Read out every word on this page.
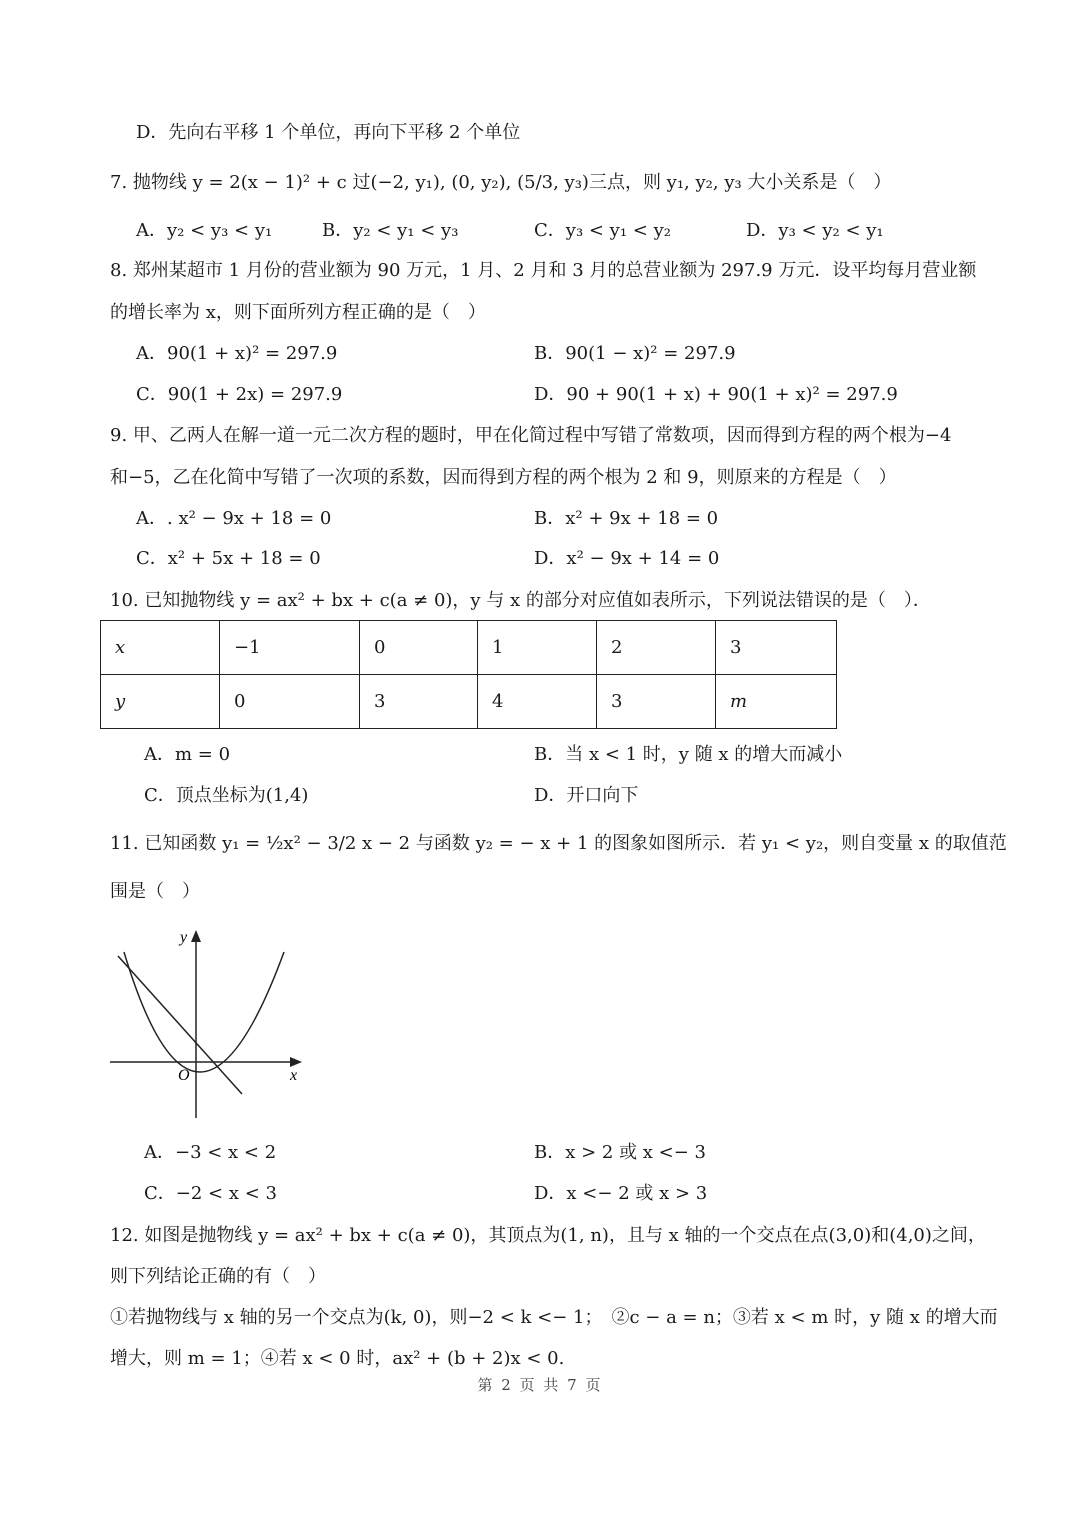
D．先向右平移 1 个单位，再向下平移 2 个单位
7. 抛物线 y = 2(x − 1)² + c 过(−2, y₁), (0, y₂), (5/3, y₃)三点，则 y₁, y₂, y₃ 大小关系是（　）
A．y₂ < y₃ < y₁	B．y₂ < y₁ < y₃	C．y₃ < y₁ < y₂	D．y₃ < y₂ < y₁
8. 郑州某超市 1 月份的营业额为 90 万元，1 月、2 月和 3 月的总营业额为 297.9 万元．设平均每月营业额
的增长率为 x，则下面所列方程正确的是（　）
A．90(1 + x)² = 297.9	B．90(1 − x)² = 297.9
C．90(1 + 2x) = 297.9	D．90 + 90(1 + x) + 90(1 + x)² = 297.9
9. 甲、乙两人在解一道一元二次方程的题时，甲在化简过程中写错了常数项，因而得到方程的两个根为−4
和−5，乙在化简中写错了一次项的系数，因而得到方程的两个根为 2 和 9，则原来的方程是（　）
A．. x² − 9x + 18 = 0	B．x² + 9x + 18 = 0
C．x² + 5x + 18 = 0	D．x² − 9x + 14 = 0
10. 已知抛物线 y = ax² + bx + c(a ≠ 0)，y 与 x 的部分对应值如表所示，下列说法错误的是（　）．
x	−1	0	1	2	3
y	0	3	4	3	m
A．m = 0	B．当 x < 1 时，y 随 x 的增大而减小
C．顶点坐标为(1,4)	D．开口向下
11. 已知函数 y₁ = ½x² − 3/2 x − 2 与函数 y₂ = − x + 1 的图象如图所示．若 y₁ < y₂，则自变量 x 的取值范
围是（　）
y
x
O
A．−3 < x < 2	B．x > 2 或 x <− 3
C．−2 < x < 3	D．x <− 2 或 x > 3
12. 如图是抛物线 y = ax² + bx + c(a ≠ 0)，其顶点为(1, n)，且与 x 轴的一个交点在点(3,0)和(4,0)之间，
则下列结论正确的有（　）
①若抛物线与 x 轴的另一个交点为(k, 0)，则−2 < k <− 1；　②c − a = n；③若 x < m 时，y 随 x 的增大而
增大，则 m = 1；④若 x < 0 时，ax² + (b + 2)x < 0.
第 2 页 共 7 页
